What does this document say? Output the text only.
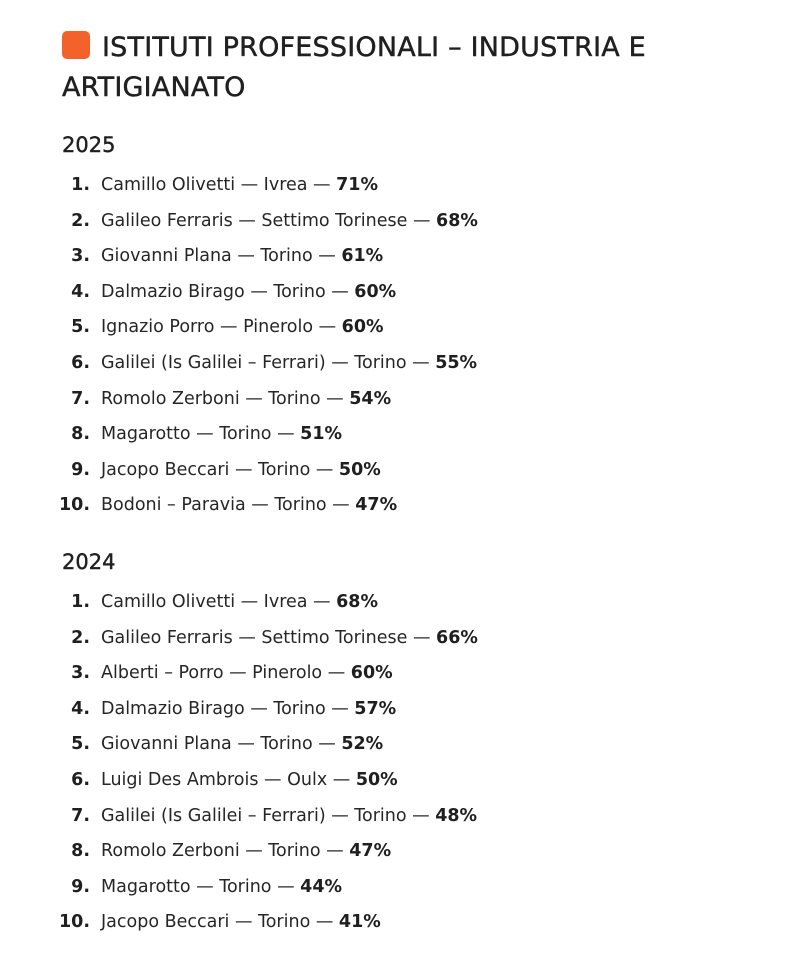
ISTITUTI PROFESSIONALI – INDUSTRIA E ARTIGIANATO
2025
1. Camillo Olivetti — Ivrea — 71%
2. Galileo Ferraris — Settimo Torinese — 68%
3. Giovanni Plana — Torino — 61%
4. Dalmazio Birago — Torino — 60%
5. Ignazio Porro — Pinerolo — 60%
6. Galilei (Is Galilei – Ferrari) — Torino — 55%
7. Romolo Zerboni — Torino — 54%
8. Magarotto — Torino — 51%
9. Jacopo Beccari — Torino — 50%
10. Bodoni – Paravia — Torino — 47%
2024
1. Camillo Olivetti — Ivrea — 68%
2. Galileo Ferraris — Settimo Torinese — 66%
3. Alberti – Porro — Pinerolo — 60%
4. Dalmazio Birago — Torino — 57%
5. Giovanni Plana — Torino — 52%
6. Luigi Des Ambrois — Oulx — 50%
7. Galilei (Is Galilei – Ferrari) — Torino — 48%
8. Romolo Zerboni — Torino — 47%
9. Magarotto — Torino — 44%
10. Jacopo Beccari — Torino — 41%
